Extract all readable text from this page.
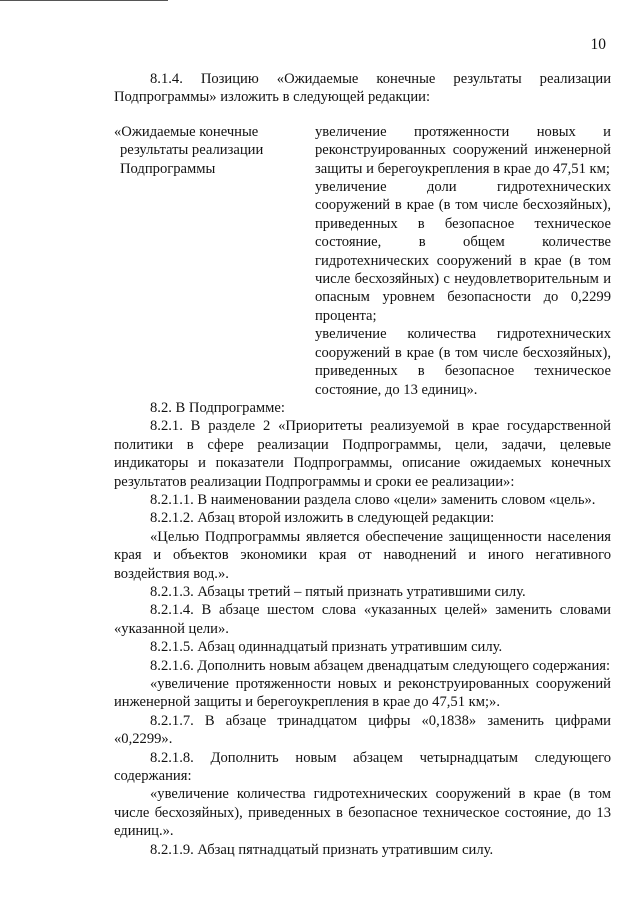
10

8.1.4. Позицию «Ожидаемые конечные результаты реализации Подпрограммы» изложить в следующей редакции:

«Ожидаемые конечные
результаты реализации
Подпрограммы

увеличение протяженности новых и реконструированных сооружений инженерной защиты и берегоукрепления в крае до 47,51 км;

увеличение доли гидротехнических сооружений в крае (в том числе бесхозяйных), приведенных в безопасное техническое состояние, в общем количестве гидротехнических сооружений в крае (в том числе бесхозяйных) с неудовлетворительным и опасным уровнем безопасности до 0,2299 процента;

увеличение количества гидротехнических сооружений в крае (в том числе бесхозяйных), приведенных в безопасное техническое состояние, до 13 единиц».

8.2. В Подпрограмме:

8.2.1. В разделе 2 «Приоритеты реализуемой в крае государственной политики в сфере реализации Подпрограммы, цели, задачи, целевые индикаторы и показатели Подпрограммы, описание ожидаемых конечных результатов реализации Подпрограммы и сроки ее реализации»:

8.2.1.1. В наименовании раздела слово «цели» заменить словом «цель».

8.2.1.2. Абзац второй изложить в следующей редакции:

«Целью Подпрограммы является обеспечение защищенности населения края и объектов экономики края от наводнений и иного негативного воздействия вод.».

8.2.1.3. Абзацы третий – пятый признать утратившими силу.

8.2.1.4. В абзаце шестом слова «указанных целей» заменить словами «указанной цели».

8.2.1.5. Абзац одиннадцатый признать утратившим силу.

8.2.1.6. Дополнить новым абзацем двенадцатым следующего содержания:

«увеличение протяженности новых и реконструированных сооружений инженерной защиты и берегоукрепления в крае до 47,51 км;».

8.2.1.7. В абзаце тринадцатом цифры «0,1838» заменить цифрами «0,2299».

8.2.1.8. Дополнить новым абзацем четырнадцатым следующего содержания:

«увеличение количества гидротехнических сооружений в крае (в том числе бесхозяйных), приведенных в безопасное техническое состояние, до 13 единиц.».

8.2.1.9. Абзац пятнадцатый признать утратившим силу.
